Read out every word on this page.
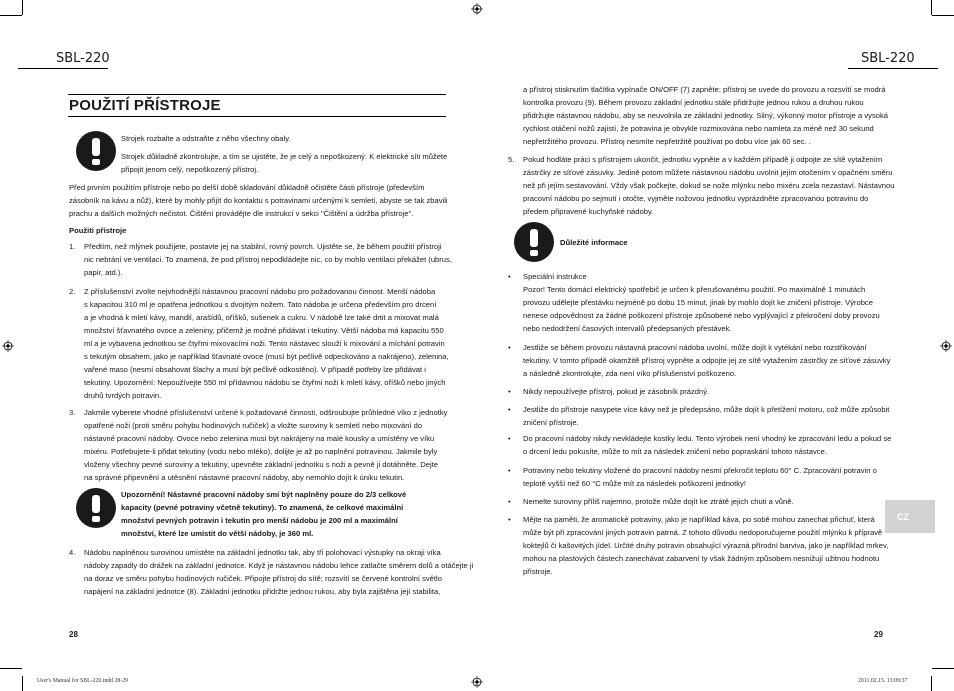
SBL-220	SBL-220
POUŽITÍ PŘÍSTROJE
Strojek rozbalte a odstraňte z něho všechny obaly.
Strojek důkladně zkontrolujte, a tím se ujistěte, že je celý a nepoškozený. K elektrické síti můžete
připojit jenom celý, nepoškozený přístroj.
Před prvním použitím přístroje nebo po delší době skladování důkladně očistěte části přístroje (především
zásobník na kávu a nůž), které by mohly přijít do kontaktu s potravinami určenými k semletí, abyste se tak zbavili
prachu a dalších možných nečistot. Čištění provádějte dle instrukcí v sekci "Čištění a údržba přístroje".
Použití přístroje
1. Předtím, než mlýnek použijete, postavte jej na stabilní, rovný povrch. Ujistěte se, že během použití přístroji
nic nebrání ve ventilaci. To znamená, že pod přístroj nepodkládejte nic, co by mohlo ventilaci překážet (ubrus,
papír, atd.).
2. Z příslušenství zvolte nejvhodnější nástavnou pracovní nádobu pro požadovanou činnost. Menší nádoba
s kapacitou 310 ml je opatřena jednotkou s dvojitým nožem. Tato nádoba je určena především pro drcení
a je vhodná k mletí kávy, mandlí, arašídů, oříšků, sušenek a cukru. V nádobě lze také drtit a mixovat malá
množství šťavnatého ovoce a zeleniny, přičemž je možné přidávat i tekutiny. Větší nádoba má kapacitu 550
ml a je vybavena jednotkou se čtyřmi mixovacími noži. Tento nástavec slouží k mixování a míchání potravin
s tekutým obsahem, jako je například šťavnaté ovoce (musí být pečlivě odpeckováno a nakrájeno), zelenina,
vařené maso (nesmí obsahovat šlachy a musí být pečlivě odkostěno). V případě potřeby lze přidávat i
tekutiny. Upozornění: Nepoužívejte 550 ml přídavnou nádobu se čtyřmi noži k mletí kávy, oříšků nebo jiných
druhů tvrdých potravin.
3. Jakmile vyberete vhodné příslušenství určené k požadované činnosti, odšroubujte průhledné víko z jednotky
opatřené noži (proti směru pohybu hodinových ručiček) a vložte suroviny k semletí nebo mixování do
nástavné pracovní nádoby. Ovoce nebo zelenina musí být nakrájeny na malé kousky a umístěny ve víku
mixéru. Potřebujete-li přidat tekutiny (vodu nebo mléko), dolijte je až po naplnění potravinou. Jakmile byly
vloženy všechny pevné suroviny a tekutiny, upevněte základní jednotku s noži a pevně ji dotáhněte. Dejte
na správné připevnění a utěsnění nástavné pracovní nádoby, aby nemohlo dojít k úniku tekutin.
Upozornění! Nástavné pracovní nádoby smí být naplněny pouze do 2/3 celkové
kapacity (pevné potraviny včetně tekutiny). To znamená, že celkové maximální
množství pevných potravin i tekutin pro menší nádobu je 200 ml a maximální
množství, které lze umístit do větší nádoby, je 360 ml.
4. Nádobu naplněnou surovinou umístěte na základní jednotku tak, aby tři polohovací výstupky na okraji víka
nádoby zapadly do drážek na základní jednotce. Když je nástavnou nádobu lehce zatlačte směrem dolů a otáčejte ji
na doraz ve směru pohybu hodinových ručiček. Připojte přístroj do sítě; rozsvítí se červené kontrolní světlo
napájení na základní jednotce (8). Základní jednotku přidržte jednou rukou, aby byla zajištěna její stabilita,
28
a přístroj stisknutím tlačítka vypínače ON/OFF (7) zapněte; přístroj se uvede do provozu a rozsvítí se modrá
kontrolka provozu (9). Během provozu základní jednotku stále přidržujte jednou rukou a druhou rukou
přidržujte nástavnou nádobu, aby se neuvolnila ze základní jednotky. Silný, výkonný motor přístroje a vysoká
rychlost otáčení nožů zajistí, že potravina je obvykle rozmixována nebo namleta za méně než 30 sekund
nepřetržitého provozu. Přístroj nesmíte nepřetržitě používat po dobu více jak 60 sec. .
5. Pokud hodláte práci s přístrojem ukončit, jednotku vypněte a v každém případě ji odpojte ze sítě vytažením
zástrčky ze síťové zásuvky. Jedině potom můžete nástavnou nádobu uvolnit jejím otočením v opačném směru
než při jejím sestavování. Vždy však počkejte, dokud se nože mlýnku nebo mixéru zcela nezastaví. Nástavnou
pracovní nádobu po sejmutí i otočte, vyjměte nožovou jednotku vyprázdněte zpracovanou potravinu do
předem připravené kuchyňské nádoby.
Důležité informace
• Speciální instrukce
Pozor! Tento domácí elektrický spotřebič je určen k přerušovanému použití. Po maximálně 1 minutách
provozu udělejte přestávku nejméně po dobu 15 minut, jinak by mohlo dojít ke zničení přístroje. Výrobce
nenese odpovědnost za žádné poškození přístroje způsobené nebo vyplývající z překročení doby provozu
nebo nedodržení časových intervalů předepsaných přestávek.
• Jestliže se během provozu nástavná pracovní nádoba uvolní, může dojít k vytékání nebo rozstřikování
tekutiny. V tomto případě okamžitě přístroj vypněte a odpojte jej ze sítě vytažením zástrčky ze síťové zásuvky
a následně zkontrolujte, zda není víko příslušenství poškozeno.
• Nikdy nepoužívejte přístroj, pokud je zásobník prázdný.
• Jestliže do přístroje nasypete více kávy než je předepsáno, může dojít k přetížení motoru, což může způsobit
zničení přístroje.
• Do pracovní nádoby nikdy nevkládejte kostky ledu. Tento výrobek není vhodný ke zpracování ledu a pokud se
o drcení ledu pokusíte, může to mít za následek zničení nebo popraskání tohoto nástavce.
• Potraviny nebo tekutiny vložené do pracovní nádoby nesmí překročit teplotu 60° C. Zpracování potravin o
teplotě vyšší než 60 °C může mít za následek poškození jednotky!
• Nemelte suroviny příliš najemno, protože může dojít ke ztrátě jejich chuti a vůně.
• Mějte na paměti, že aromatické potraviny, jako je například káva, po sobě mohou zanechat přichuť, která
může být při zpracování jiných potravin patrná. Z tohoto důvodu nedoporučujeme použití mlýnku k přípravě
koktejlů či kašovitých jídel. Určité druhy potravin obsahující výrazná přírodní barviva, jako je například mrkev,
mohou na plastových částech zanechávat zabarvení ty však žádným způsobem nesnižují užitnou hodnotu
přístroje.
CZ
29
User's Manual for SBL-220.indd 28-29	2011.02.15. 13:09:37
